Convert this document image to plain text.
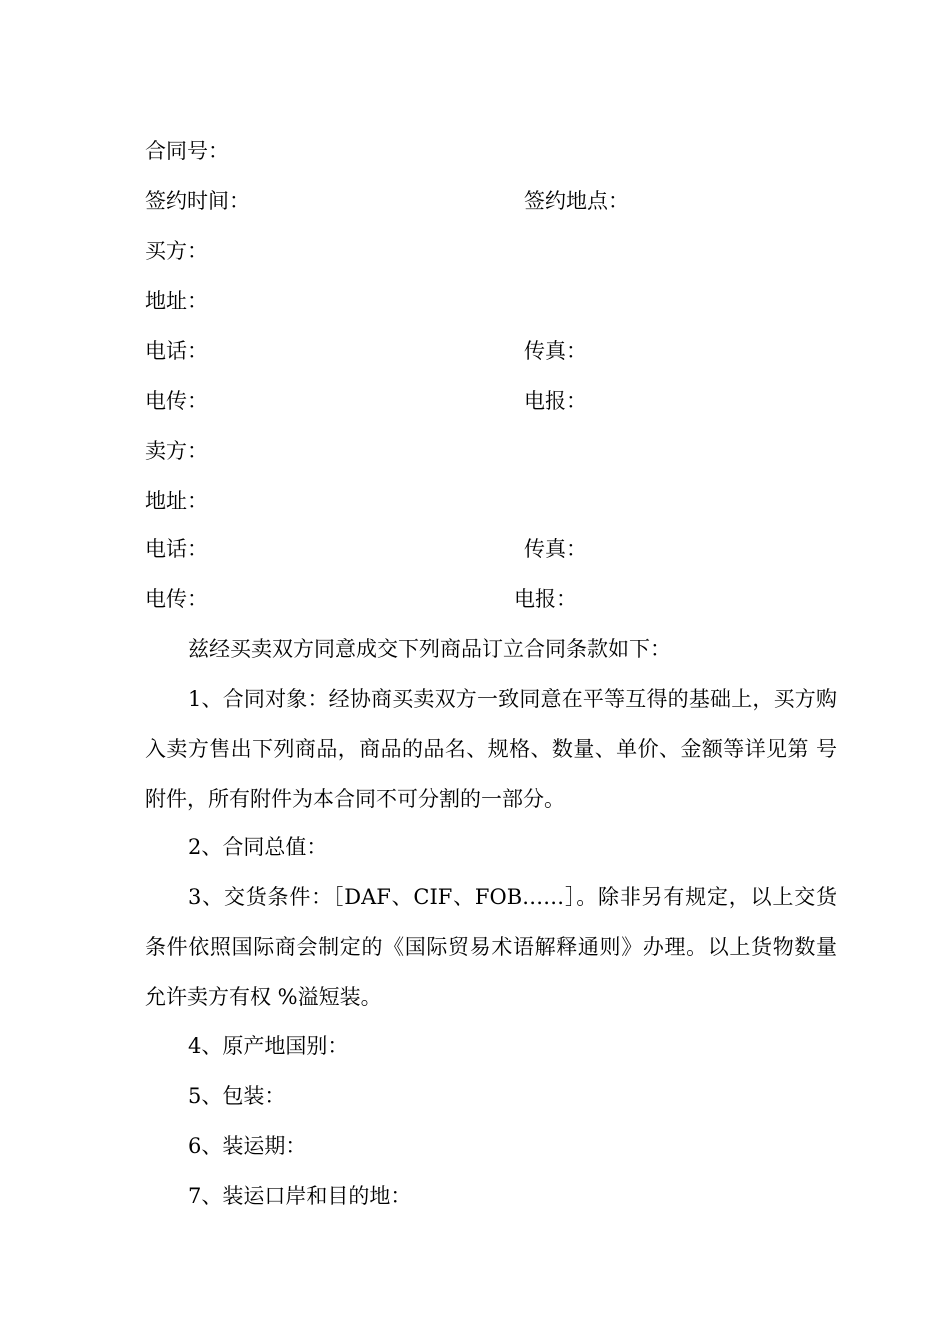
合同号：
签约时间：	签约地点：
买方：
地址：
电话：	传真：
电传：	电报：
卖方：
地址：
电话：	传真：
电传：	电报：
兹经买卖双方同意成交下列商品订立合同条款如下：

1、合同对象：经协商买卖双方一致同意在平等互得的基础上，买方购入卖方售出下列商品，商品的品名、规格、数量、单价、金额等详见第 号附件，所有附件为本合同不可分割的一部分。

2、合同总值：

3、交货条件：［DAF、CIF、FOB……］。除非另有规定，以上交货条件依照国际商会制定的《国际贸易术语解释通则》办理。以上货物数量允许卖方有权 %溢短装。

4、原产地国别：
5、包装：
6、装运期：
7、装运口岸和目的地：
